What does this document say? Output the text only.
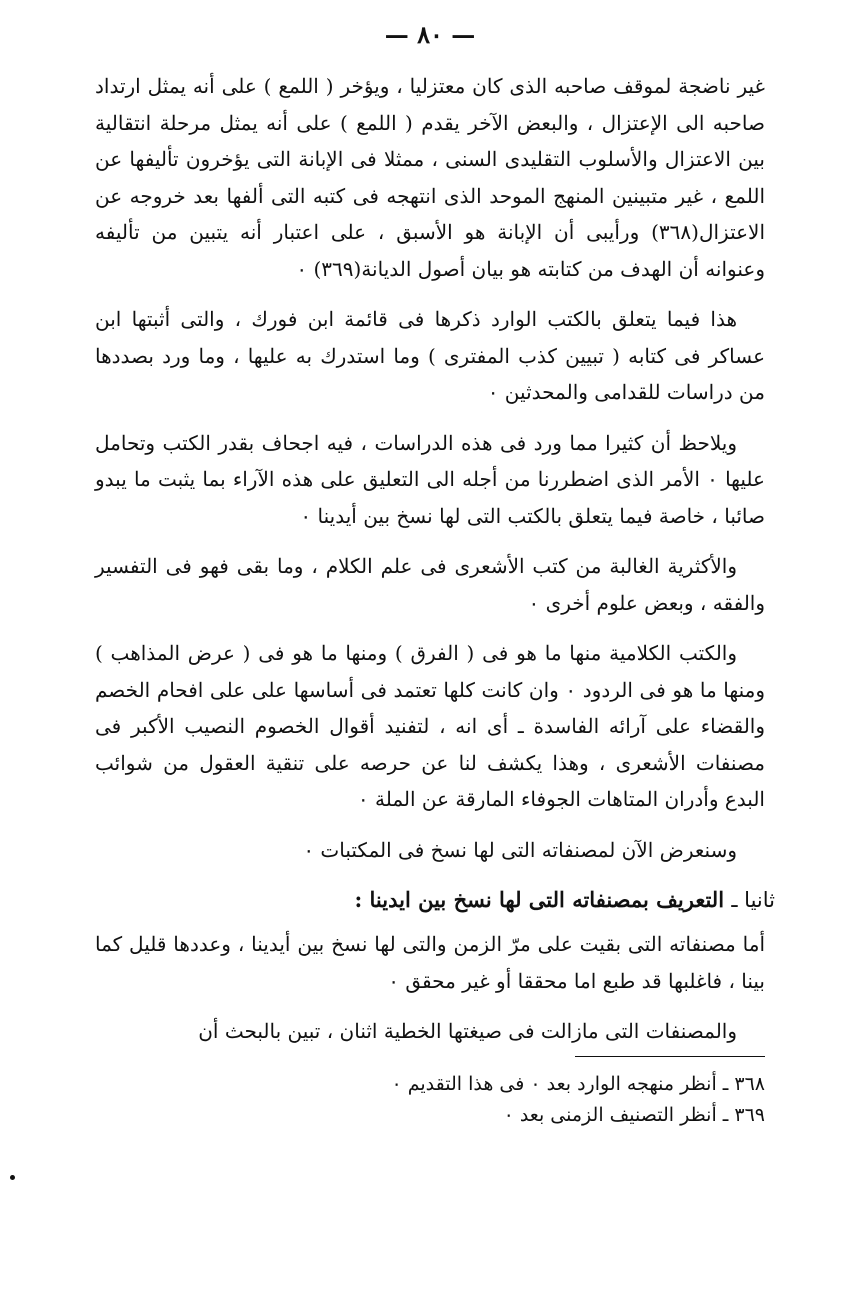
— ٨٠ —

غير ناضجة لموقف صاحبه الذى كان معتزليا ، ويؤخر ( اللمع ) على أنه يمثل ارتداد صاحبه الى الإعتزال ، والبعض الآخر يقدم ( اللمع ) على أنه يمثل مرحلة انتقالية بين الاعتزال والأسلوب التقليدى السنى ، ممثلا فى الإبانة التى يؤخرون تأليفها عن اللمع ، غير متبينين المنهج الموحد الذى انتهجه فى كتبه التى ألفها بعد خروجه عن الاعتزال(٣٦٨) ورأيبى أن الإبانة هو الأسبق ، على اعتبار أنه يتبين من تأليفه وعنوانه أن الهدف من كتابته هو بيان أصول الديانة(٣٦٩) ٠

هذا فيما يتعلق بالكتب الوارد ذكرها فى قائمة ابن فورك ، والتى أثبتها ابن عساكر فى كتابه ( تبيين كذب المفترى ) وما استدرك به عليها ، وما ورد بصددها من دراسات للقدامى والمحدثين ٠

ويلاحظ أن كثيرا مما ورد فى هذه الدراسات ، فيه اجحاف بقدر الكتب وتحامل عليها ٠ الأمر الذى اضطررنا من أجله الى التعليق على هذه الآراء بما يثبت ما يبدو صائبا ، خاصة فيما يتعلق بالكتب التى لها نسخ بين أيدينا ٠

والأكثرية الغالبة من كتب الأشعرى فى علم الكلام ، وما بقى فهو فى التفسير والفقه ، وبعض علوم أخرى ٠

والكتب الكلامية منها ما هو فى ( الفرق ) ومنها ما هو فى ( عرض المذاهب ) ومنها ما هو فى الردود ٠ وان كانت كلها تعتمد فى أساسها على على افحام الخصم والقضاء على آرائه الفاسدة ـ أى انه ، لتفنيد أقوال الخصوم النصيب الأكبر فى مصنفات الأشعرى ، وهذا يكشف لنا عن حرصه على تنقية العقول من شوائب البدع وأدران المتاهات الجوفاء المارقة عن الملة ٠

وسنعرض الآن لمصنفاته التى لها نسخ فى المكتبات ٠

ثانيا ـ التعريف بمصنفاته التى لها نسخ بين ايدينا :

أما مصنفاته التى بقيت على مرّ الزمن والتى لها نسخ بين أيدينا ، وعددها قليل كما بينا ، فاغلبها قد طبع اما محققا أو غير محقق ٠

والمصنفات التى مازالت فى صيغتها الخطية اثنان ، تبين بالبحث أن

٣٦٨ ـ أنظر منهجه الوارد بعد ٠ فى هذا التقديم ٠

٣٦٩ ـ أنظر التصنيف الزمنى بعد ٠
